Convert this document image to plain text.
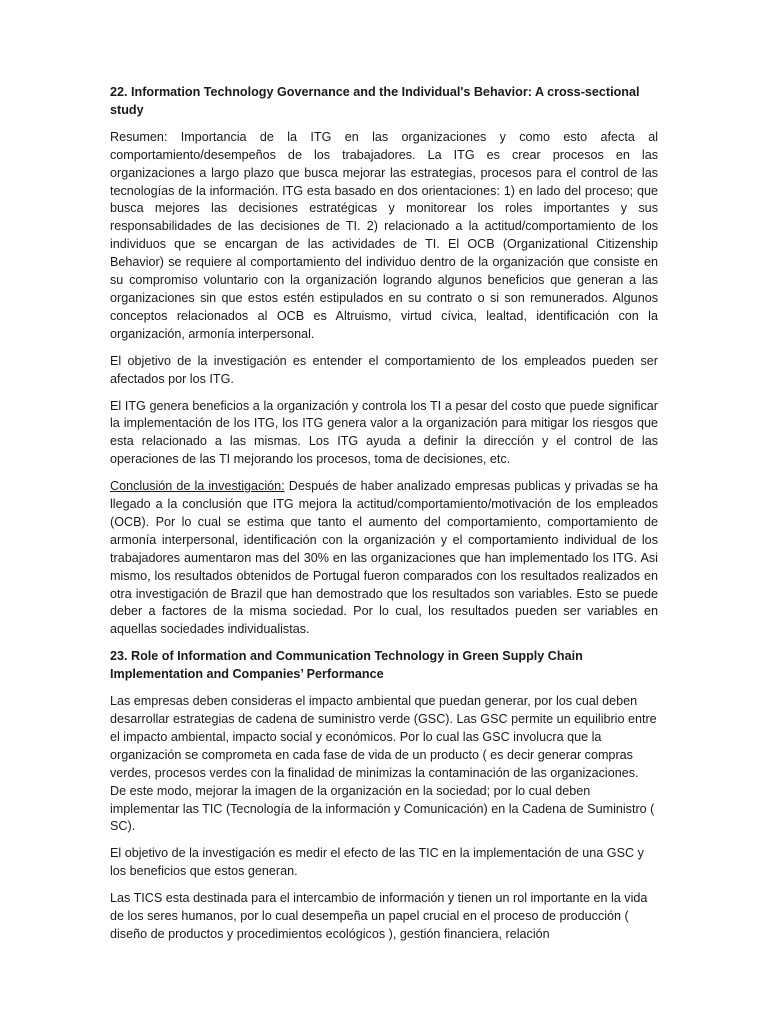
22. Information Technology Governance and the Individual's Behavior: A cross-sectional study

Resumen: Importancia de la ITG en las organizaciones y como esto afecta al comportamiento/desempeños de los trabajadores. La ITG es crear procesos en las organizaciones a largo plazo que busca mejorar las estrategias, procesos para el control de las tecnologías de la información. ITG esta basado en dos orientaciones: 1) en lado del proceso; que busca mejores las decisiones estratégicas y monitorear los roles importantes y sus responsabilidades de las decisiones de TI. 2) relacionado a la actitud/comportamiento de los individuos que se encargan de las actividades de TI. El OCB (Organizational Citizenship Behavior) se requiere al comportamiento del individuo dentro de la organización que consiste en su compromiso voluntario con la organización logrando algunos beneficios que generan a las organizaciones sin que estos estén estipulados en su contrato o si son remunerados. Algunos conceptos relacionados al OCB es Altruismo, virtud cívica, lealtad, identificación con la organización, armonía interpersonal.

El objetivo de la investigación es entender el comportamiento de los empleados pueden ser afectados por los ITG.

El ITG genera beneficios a la organización y controla los TI a pesar del costo que puede significar la implementación de los ITG, los ITG genera valor a la organización para mitigar los riesgos que esta relacionado a las mismas. Los ITG ayuda a definir la dirección y el control de las operaciones de las TI mejorando los procesos, toma de decisiones, etc.

Conclusión de la investigación: Después de haber analizado empresas publicas y privadas se ha llegado a la conclusión que ITG mejora la actitud/comportamiento/motivación de los empleados (OCB). Por lo cual se estima que tanto el aumento del comportamiento, comportamiento de armonía interpersonal, identificación con la organización y el comportamiento individual de los trabajadores aumentaron mas del 30% en las organizaciones que han implementado los ITG. Asi mismo, los resultados obtenidos de Portugal fueron comparados con los resultados realizados en otra investigación de Brazil que han demostrado que los resultados son variables. Esto se puede deber a factores de la misma sociedad. Por lo cual, los resultados pueden ser variables en aquellas sociedades individualistas.

23. Role of Information and Communication Technology in Green Supply Chain Implementation and Companies’ Performance

Las empresas deben consideras el impacto ambiental que puedan generar, por los cual deben desarrollar estrategias de cadena de suministro verde (GSC). Las GSC permite un equilibrio entre el impacto ambiental, impacto social y económicos. Por lo cual las GSC involucra que la organización se comprometa en cada fase de vida de un producto ( es decir generar compras verdes, procesos verdes con la finalidad de minimizas la contaminación de las organizaciones. De este modo, mejorar la imagen de la organización en la sociedad; por lo cual deben implementar las TIC (Tecnología de la información y Comunicación) en la Cadena de Suministro ( SC).

El objetivo de la investigación es medir el efecto de las TIC en la implementación de una GSC y los beneficios que estos generan.

Las TICS esta destinada para el intercambio de información y tienen un rol importante en la vida de los seres humanos, por lo cual desempeña un papel crucial en el proceso de producción ( diseño de productos y procedimientos ecológicos ), gestión financiera, relación
